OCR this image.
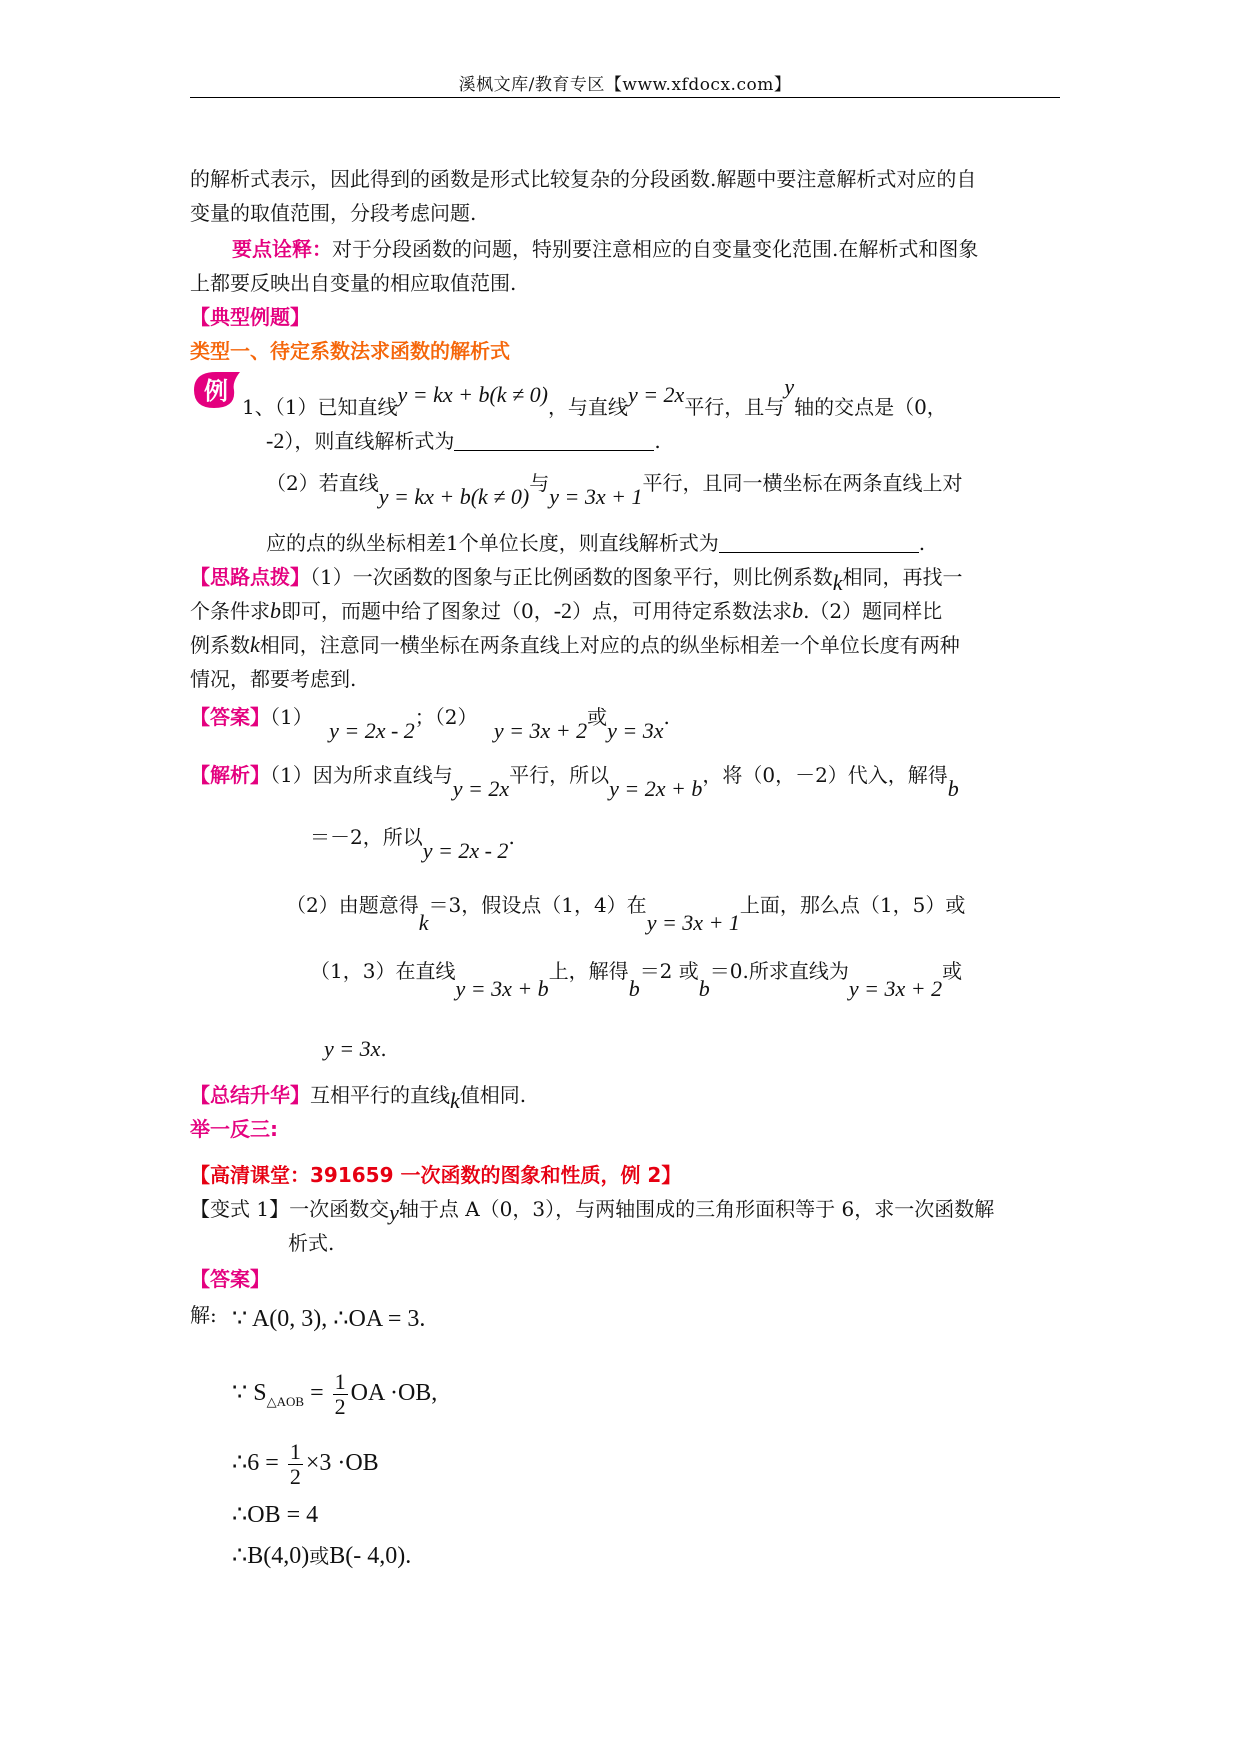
溪枫文库/教育专区【www.xfdocx.com】
的解析式表示，因此得到的函数是形式比较复杂的分段函数.解题中要注意解析式对应的自
变量的取值范围，分段考虑问题.
要点诠释：对于分段函数的问题，特别要注意相应的自变量变化范围.在解析式和图象
上都要反映出自变量的相应取值范围.
【典型例题】
类型一、待定系数法求函数的解析式
例
1、（1）已知直线y = kx + b(k ≠ 0)，与直线y = 2x平行，且与y轴的交点是（0，
-2），则直线解析式为	.
（2）若直线y = kx + b(k ≠ 0)与y = 3x + 1平行，且同一横坐标在两条直线上对
应的点的纵坐标相差1个单位长度，则直线解析式为	.
【思路点拨】（1）一次函数的图象与正比例函数的图象平行，则比例系数k相同，再找一
个条件求b即可，而题中给了图象过（0，-2）点，可用待定系数法求b.（2）题同样比
例系数k相同，注意同一横坐标在两条直线上对应的点的纵坐标相差一个单位长度有两种
情况，都要考虑到.
【答案】（1） y = 2x - 2；（2） y = 3x + 2或y = 3x.
【解析】（1）因为所求直线与y = 2x平行，所以y = 2x + b，将（0，－2）代入，解得b
＝－2，所以y = 2x - 2.
（2）由题意得k＝3，假设点（1，4）在y = 3x + 1上面，那么点（1，5）或
（1，3）在直线y = 3x + b上，解得b＝2 或b＝0.所求直线为y = 3x + 2或
y = 3x.
【总结升华】互相平行的直线k值相同.
举一反三:
【高清课堂：391659 一次函数的图象和性质，例 2】
【变式 1】一次函数交y轴于点 A（0，3），与两轴围成的三角形面积等于 6，求一次函数解
析式.
【答案】
解: ∵ A(0, 3), ∴OA = 3.
∵ $S_{\triangle AOB} = \frac{1}{2}$ OA ·OB,
∴6 = $\frac{1}{2} \times 3 \cdot OB$
∴OB = 4
∴B(4,0)或B(- 4,0).
